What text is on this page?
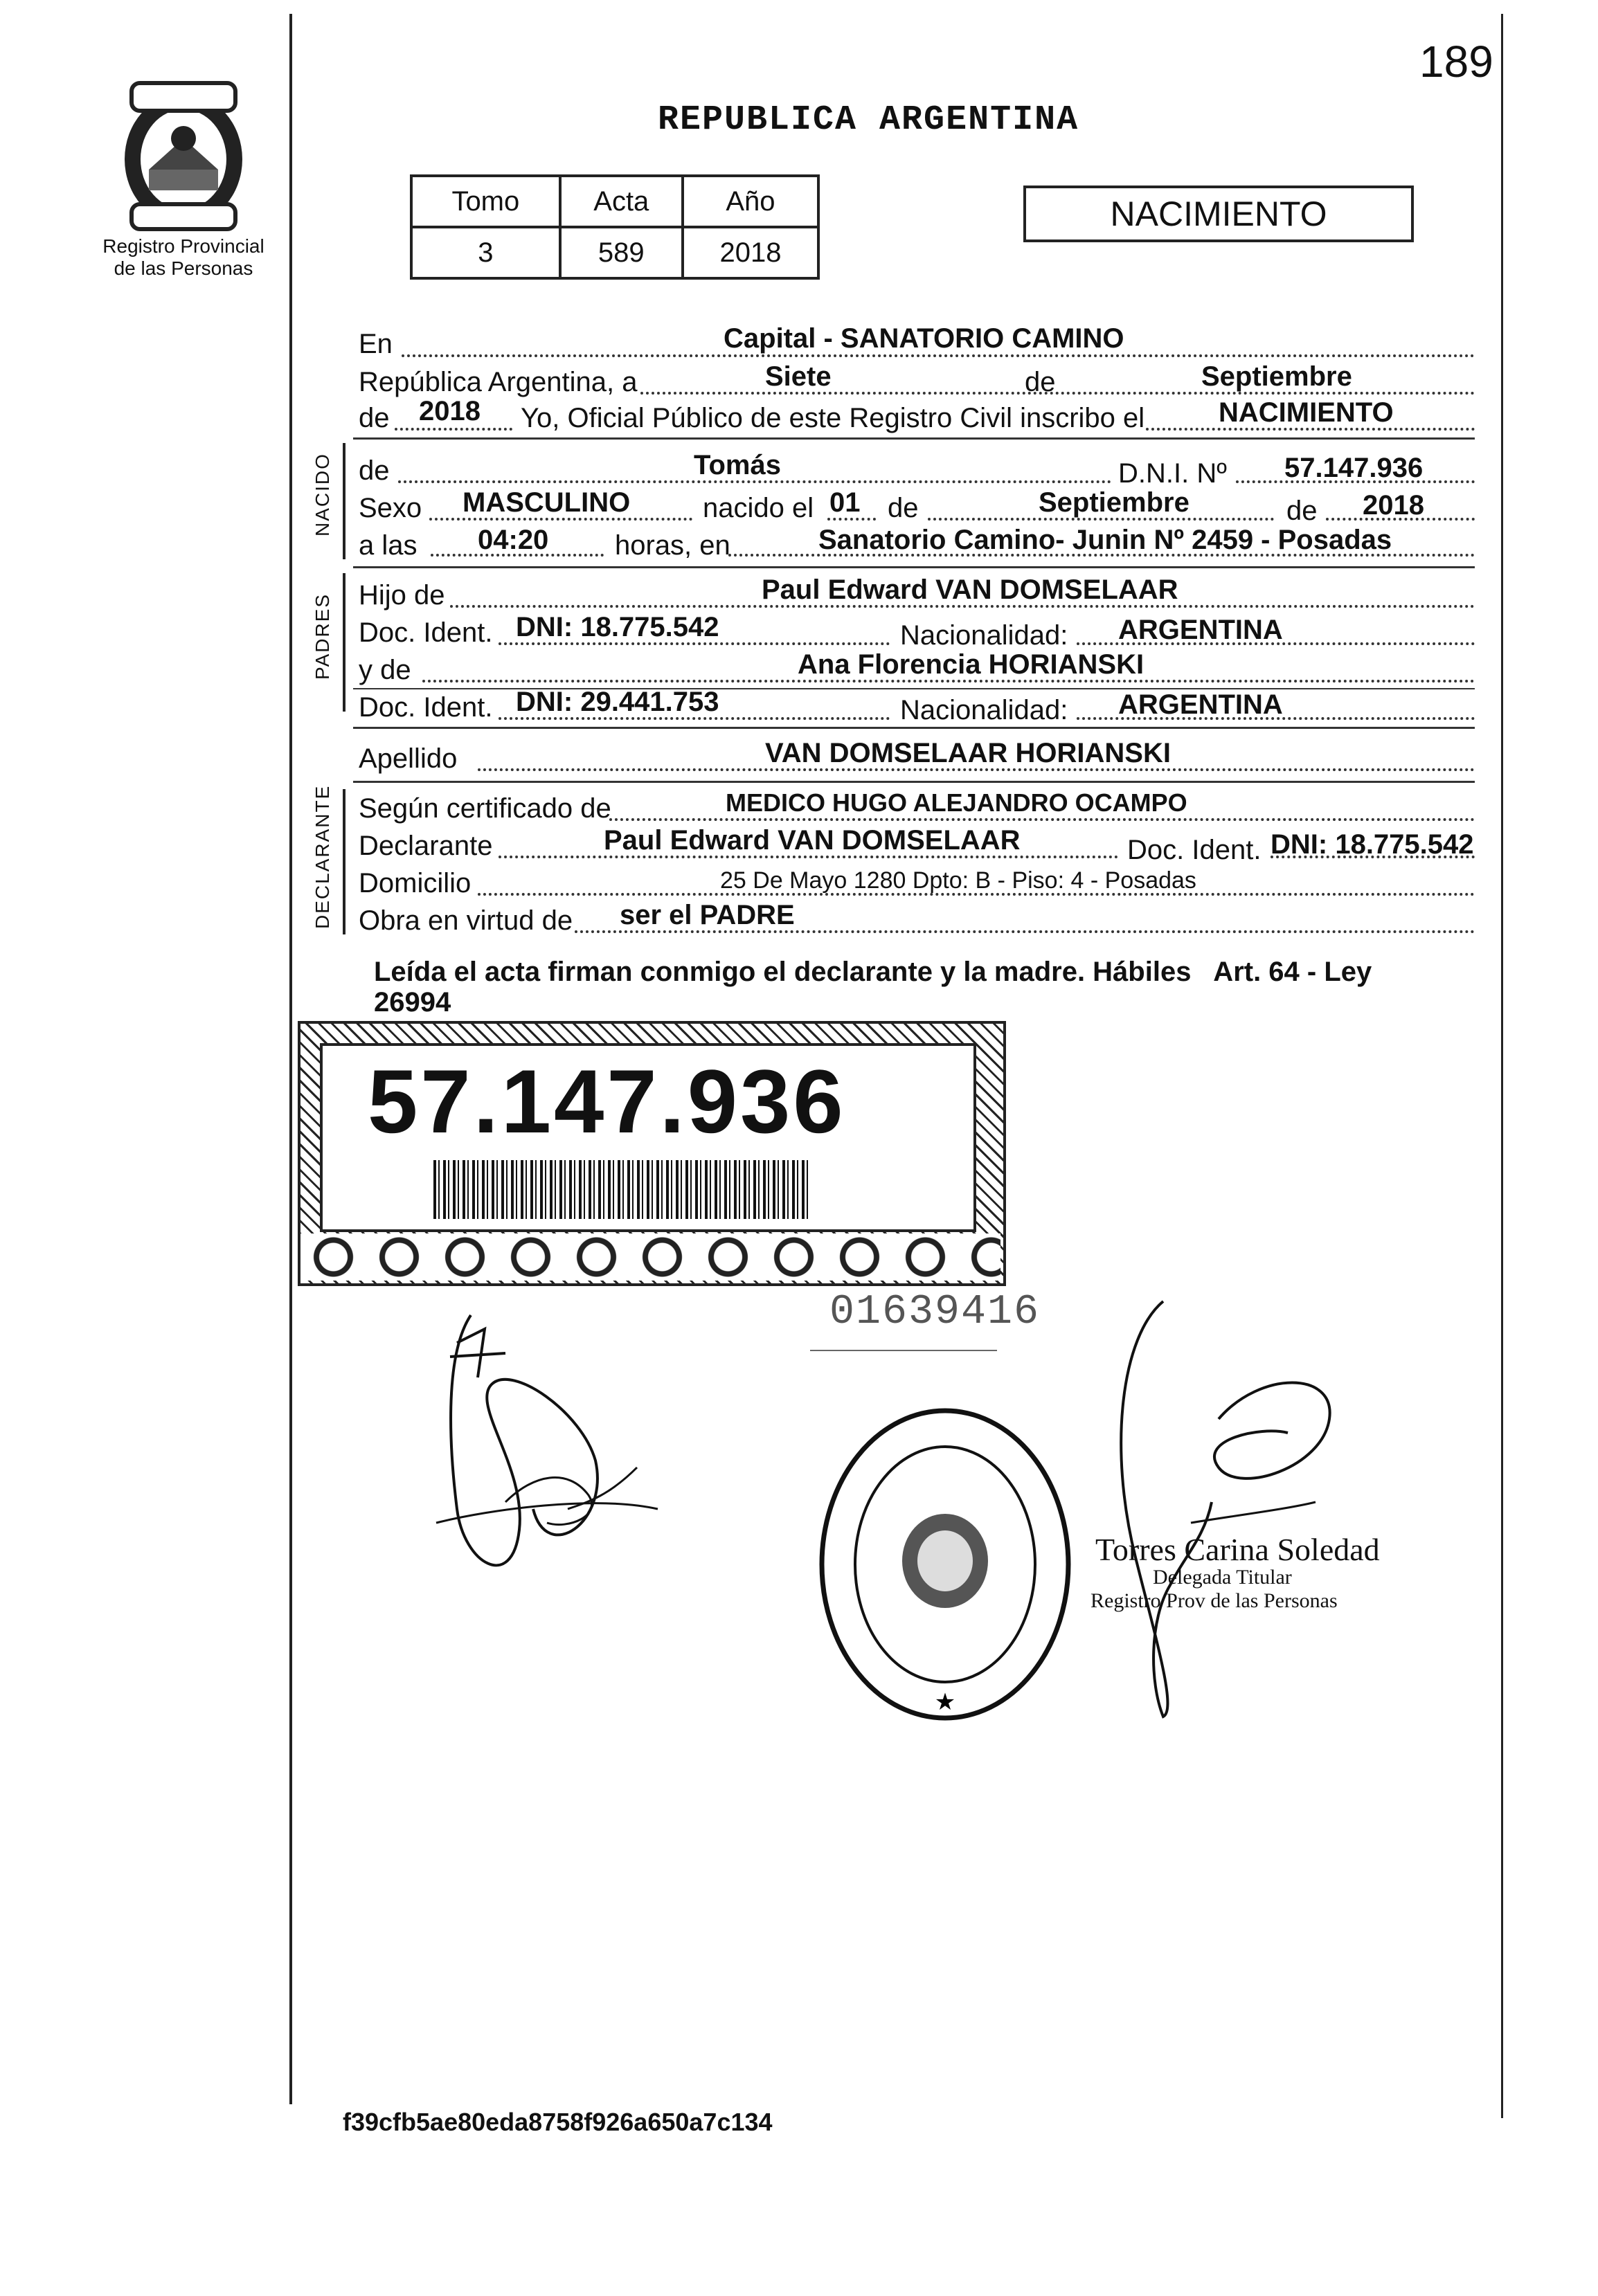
189
Registro Provincial
de las Personas
REPUBLICA ARGENTINA
Tomo	Acta	Año
3	589	2018
NACIMIENTO
En	Capital - SANATORIO CAMINO
República Argentina, a	Siete	de	Septiembre
de 2018 Yo, Oficial Público de este Registro Civil inscribo el	NACIMIENTO
NACIDO de	Tomás	D.N.I. Nº 57.147.936
Sexo MASCULINO	nacido el 01 de	Septiembre	de 2018
a las 04:20 horas, en	Sanatorio Camino- Junin Nº 2459 - Posadas
PADRES Hijo de	Paul Edward VAN DOMSELAAR
Doc. Ident. DNI: 18.775.542	Nacionalidad: ARGENTINA
y de	Ana Florencia HORIANSKI
Doc. Ident. DNI: 29.441.753	Nacionalidad: ARGENTINA
Apellido	VAN DOMSELAAR HORIANSKI
DECLARANTE Según certificado de	MEDICO HUGO ALEJANDRO OCAMPO
Declarante	Paul Edward VAN DOMSELAAR	Doc. Ident. DNI: 18.775.542
Domicilio	25 De Mayo 1280 Dpto: B - Piso: 4 - Posadas
Obra en virtud de ser el PADRE
Leída el acta firman conmigo el declarante y la madre. Hábiles   Art. 64 - Ley
26994
57.147.936
01639416
★
Torres Carina Soledad
Delegada Titular
Registro Prov de las Personas
f39cfb5ae80eda8758f926a650a7c134
